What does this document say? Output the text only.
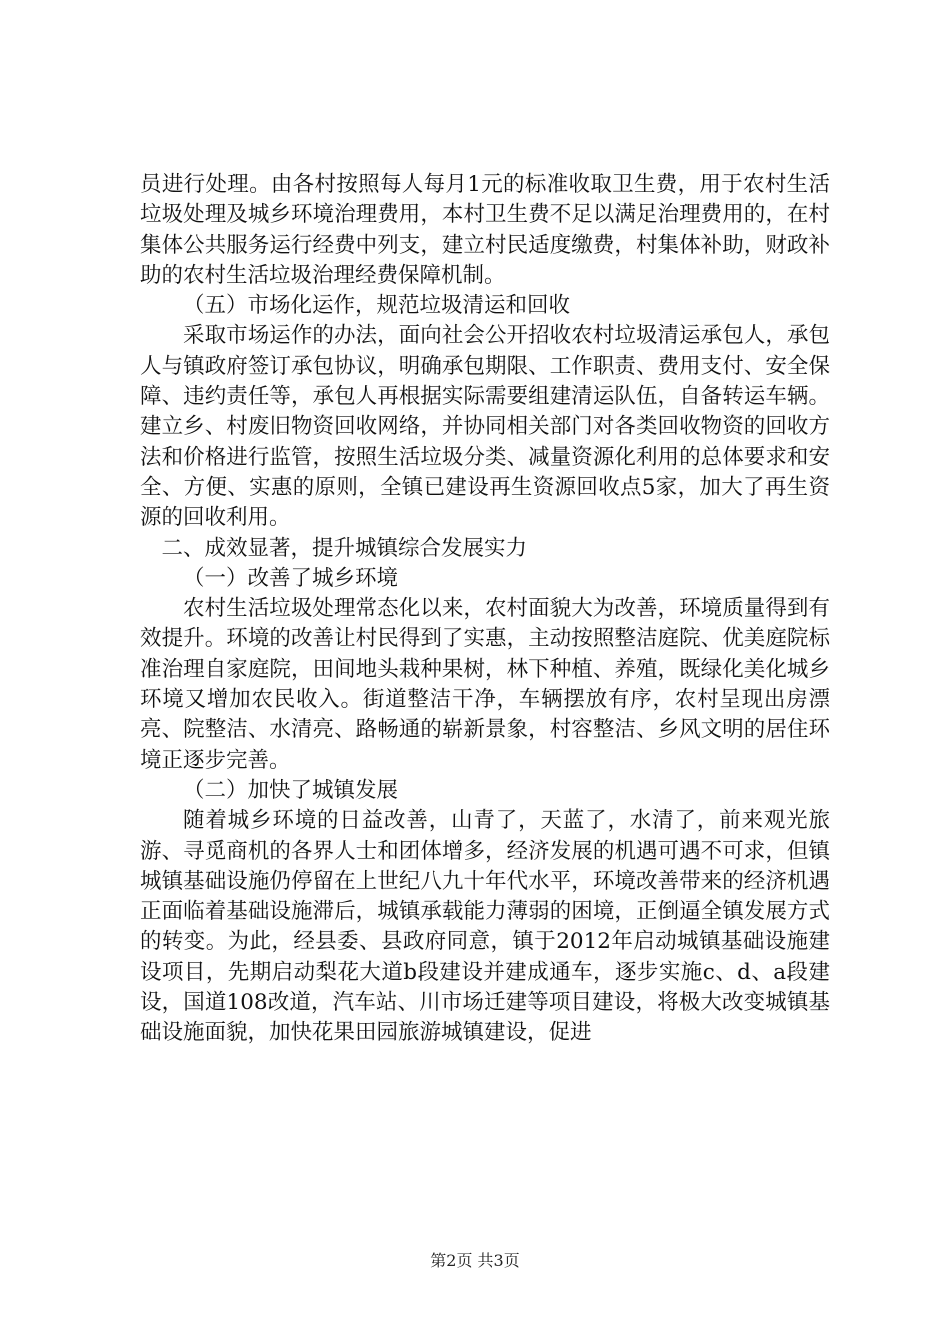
员进行处理。由各村按照每人每月1元的标准收取卫生费，用于农村生活垃圾处理及城乡环境治理费用，本村卫生费不足以满足治理费用的，在村集体公共服务运行经费中列支，建立村民适度缴费，村集体补助，财政补助的农村生活垃圾治理经费保障机制。

（五）市场化运作，规范垃圾清运和回收

采取市场运作的办法，面向社会公开招收农村垃圾清运承包人，承包人与镇政府签订承包协议，明确承包期限、工作职责、费用支付、安全保障、违约责任等，承包人再根据实际需要组建清运队伍，自备转运车辆。建立乡、村废旧物资回收网络，并协同相关部门对各类回收物资的回收方法和价格进行监管，按照生活垃圾分类、减量资源化利用的总体要求和安全、方便、实惠的原则，全镇已建设再生资源回收点5家，加大了再生资源的回收利用。

二、成效显著，提升城镇综合发展实力

（一）改善了城乡环境

农村生活垃圾处理常态化以来，农村面貌大为改善，环境质量得到有效提升。环境的改善让村民得到了实惠，主动按照整洁庭院、优美庭院标准治理自家庭院，田间地头栽种果树，林下种植、养殖，既绿化美化城乡环境又增加农民收入。街道整洁干净，车辆摆放有序，农村呈现出房漂亮、院整洁、水清亮、路畅通的崭新景象，村容整洁、乡风文明的居住环境正逐步完善。

（二）加快了城镇发展

随着城乡环境的日益改善，山青了，天蓝了，水清了，前来观光旅游、寻觅商机的各界人士和团体增多，经济发展的机遇可遇不可求，但镇城镇基础设施仍停留在上世纪八九十年代水平，环境改善带来的经济机遇正面临着基础设施滞后，城镇承载能力薄弱的困境，正倒逼全镇发展方式的转变。为此，经县委、县政府同意，镇于2012年启动城镇基础设施建设项目，先期启动梨花大道b段建设并建成通车，逐步实施c、d、a段建设，国道108改道，汽车站、川市场迁建等项目建设，将极大改变城镇基础设施面貌，加快花果田园旅游城镇建设，促进

第2页 共3页
